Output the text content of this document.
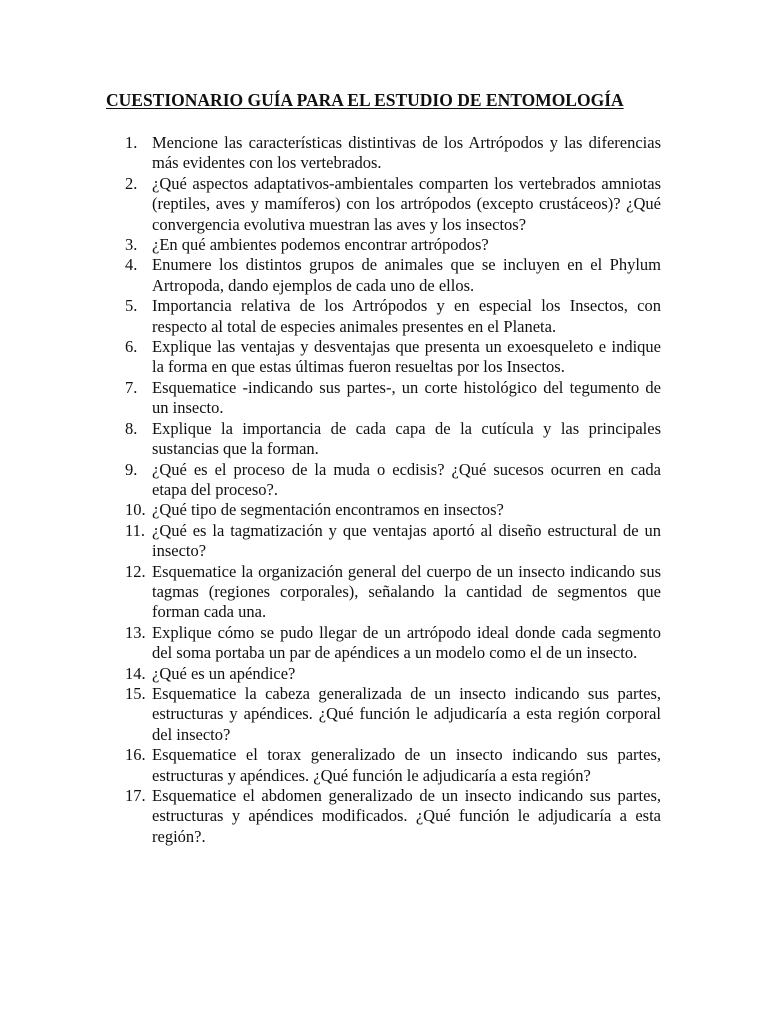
CUESTIONARIO GUÍA PARA EL ESTUDIO DE ENTOMOLOGÍA
1. Mencione las características distintivas de los Artrópodos y las diferencias más evidentes con los vertebrados.
2. ¿Qué aspectos adaptativos-ambientales comparten los vertebrados amniotas (reptiles, aves y mamíferos) con los artrópodos (excepto crustáceos)? ¿Qué convergencia evolutiva muestran las aves y los insectos?
3. ¿En qué ambientes podemos encontrar artrópodos?
4. Enumere los distintos grupos de animales que se incluyen en el Phylum Artropoda, dando ejemplos de cada uno de ellos.
5. Importancia relativa de los Artrópodos y en especial los Insectos, con respecto al total de especies animales presentes en el Planeta.
6. Explique las ventajas y desventajas que presenta un exoesqueleto e indique la forma en que estas últimas fueron resueltas por los Insectos.
7. Esquematice -indicando sus partes-, un corte histológico del tegumento de un insecto.
8. Explique la importancia de cada capa de la cutícula y las principales sustancias que la forman.
9. ¿Qué es el proceso de la muda o ecdisis? ¿Qué sucesos ocurren en cada etapa del proceso?.
10. ¿Qué tipo de segmentación encontramos en insectos?
11. ¿Qué es la tagmatización y que ventajas aportó al diseño estructural de un insecto?
12. Esquematice la organización general del cuerpo de un insecto indicando sus tagmas (regiones corporales), señalando la cantidad de segmentos que forman cada una.
13. Explique cómo se pudo llegar de un artrópodo ideal donde cada segmento del soma portaba un par de apéndices a un modelo como el de un insecto.
14. ¿Qué es un apéndice?
15. Esquematice la cabeza generalizada de un insecto indicando sus partes, estructuras y apéndices. ¿Qué función le adjudicaría a esta región corporal del insecto?
16. Esquematice el torax generalizado de un insecto indicando sus partes, estructuras y apéndices. ¿Qué función le adjudicaría a esta región?
17. Esquematice el abdomen generalizado de un insecto indicando sus partes, estructuras y apéndices modificados. ¿Qué función le adjudicaría a esta región?.
